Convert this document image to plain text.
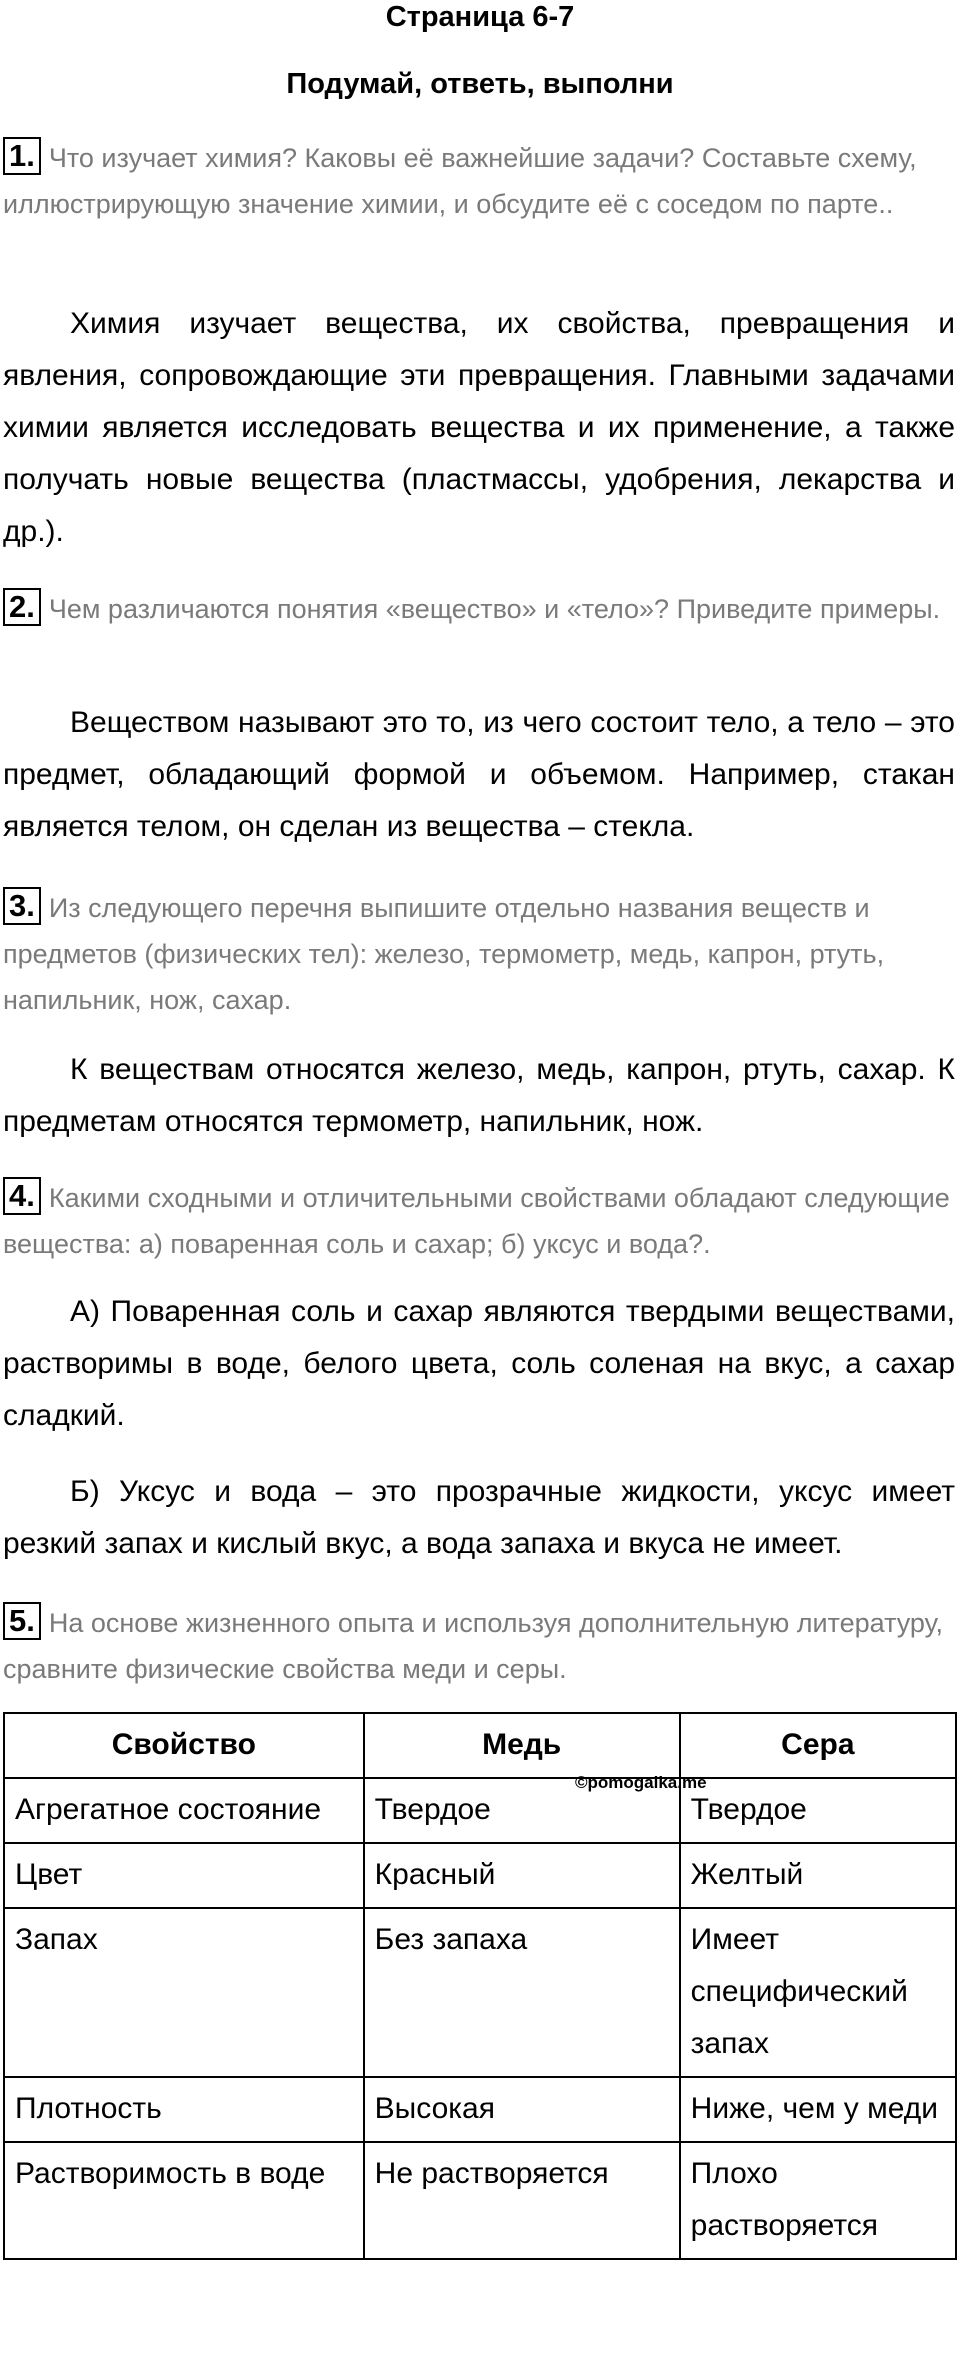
Страница 6-7
Подумай, ответь, выполни
1. Что изучает химия? Каковы её важнейшие задачи? Составьте схему, иллюстрирующую значение химии, и обсудите её с соседом по парте..
Химия изучает вещества, их свойства, превращения и явления, сопровождающие эти превращения. Главными задачами химии является исследовать вещества и их применение, а также получать новые вещества (пластмассы, удобрения, лекарства и др.).
2. Чем различаются понятия «вещество» и «тело»? Приведите примеры.
Веществом называют это то, из чего состоит тело, а тело – это предмет, обладающий формой и объемом. Например, стакан является телом, он сделан из вещества – стекла.
3. Из следующего перечня выпишите отдельно названия веществ и предметов (физических тел): железо, термометр, медь, капрон, ртуть, напильник, нож, сахар.
К веществам относятся железо, медь, капрон, ртуть, сахар. К предметам относятся термометр, напильник, нож.
4. Какими сходными и отличительными свойствами обладают следующие вещества: а) поваренная соль и сахар; б) уксус и вода?.
А) Поваренная соль и сахар являются твердыми веществами, растворимы в воде, белого цвета, соль соленая на вкус, а сахар сладкий.
Б) Уксус и вода – это прозрачные жидкости, уксус имеет резкий запах и кислый вкус, а вода запаха и вкуса не имеет.
5. На основе жизненного опыта и используя дополнительную литературу, сравните физические свойства меди и серы.
Свойство	Медь	Сера
Агрегатное состояние	Твердое	Твердое
Цвет	Красный	Желтый
Запах	Без запаха	Имеет специфический запах
Плотность	Высокая	Ниже, чем у меди
Растворимость в воде	Не растворяется	Плохо растворяется
©pomogalka.me
